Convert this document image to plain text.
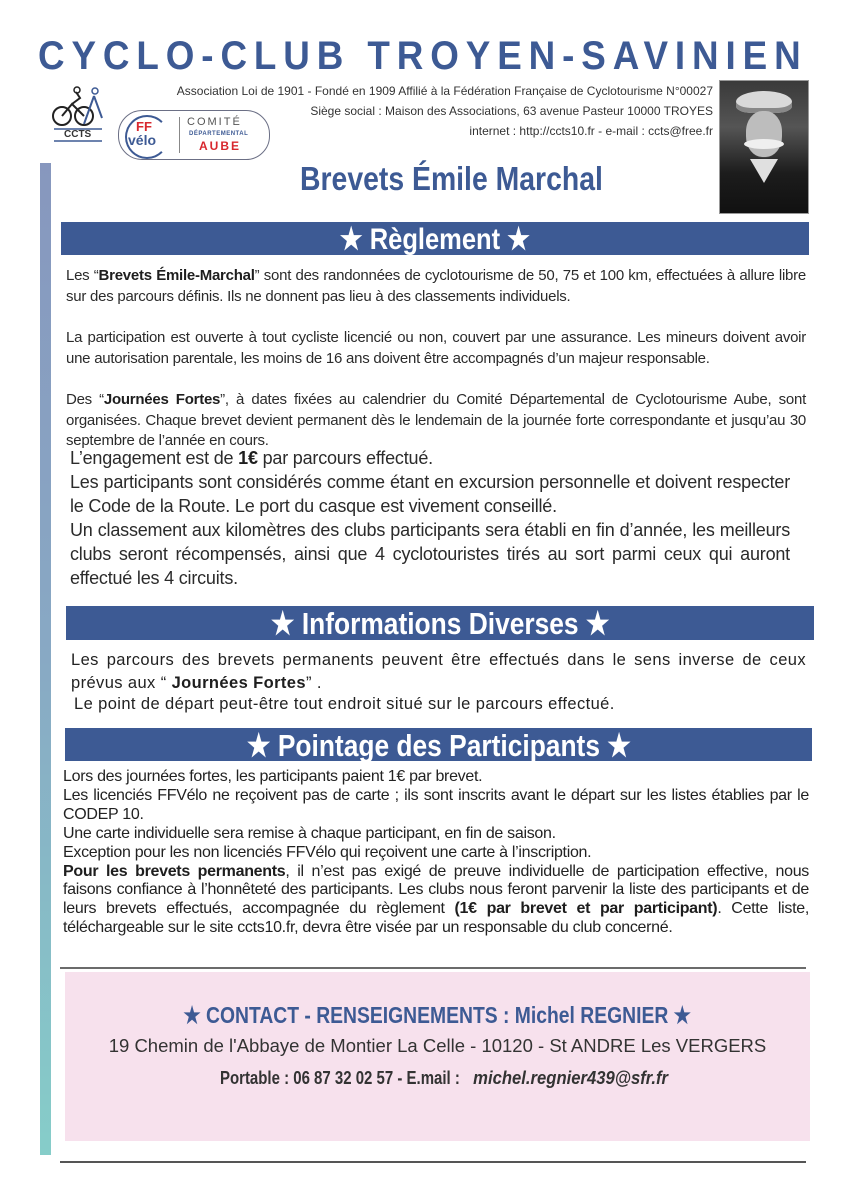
CYCLO-CLUB TROYEN-SAVINIEN
Association Loi de 1901 - Fondé en 1909 Affilié à la Fédération Française de Cyclotourisme N°00027
Siège social : Maison des Associations, 63 avenue Pasteur 10000 TROYES
internet : http://ccts10.fr - e-mail : ccts@free.fr
CCTS
FF
vélo
COMITÉ
DÉPARTEMENTAL
AUBE
Brevets Émile Marchal
★ Règlement ★
Les “Brevets Émile-Marchal” sont des randonnées de cyclotourisme de 50, 75 et 100 km, effectuées à allure libre sur des parcours définis. Ils ne donnent pas lieu à des classements individuels.
La participation est ouverte à tout cycliste licencié ou non, couvert par une assurance. Les mineurs doivent avoir une autorisation parentale, les moins de 16 ans doivent être accompagnés d’un majeur responsable.
Des “Journées Fortes”, à dates fixées au calendrier du Comité Départemental de Cyclotourisme Aube, sont organisées. Chaque brevet devient permanent dès le lendemain de la journée forte correspondante et jusqu’au 30 septembre de l’année en cours.
L’engagement est de 1€ par parcours effectué.
Les participants sont considérés comme étant en excursion personnelle et doivent respecter le Code de la Route. Le port du casque est vivement conseillé.
Un classement aux kilomètres des clubs participants sera établi en fin d’année, les meilleurs clubs seront récompensés, ainsi que 4 cyclotouristes tirés au sort parmi ceux qui auront effectué les 4 circuits.
★ Informations Diverses ★
Les parcours des brevets permanents peuvent être effectués dans le sens inverse de ceux prévus aux “ Journées Fortes” .
Le point de départ peut-être tout endroit situé sur le parcours effectué.
★ Pointage des Participants ★
Lors des journées fortes, les participants paient 1€ par brevet.
Les licenciés FFVélo ne reçoivent pas de carte ; ils sont inscrits avant le départ sur les listes établies par le CODEP 10.
Une carte individuelle sera remise à chaque participant, en fin de saison.
Exception pour les non licenciés FFVélo qui reçoivent une carte à l’inscription.
Pour les brevets permanents, il n’est pas exigé de preuve individuelle de participation effective, nous faisons confiance à l’honnêteté des participants. Les clubs nous feront parvenir la liste des participants et de leurs brevets effectués, accompagnée du règlement (1€ par brevet et par participant). Cette liste, téléchargeable sur le site ccts10.fr, devra être visée par un responsable du club concerné.
★ CONTACT - RENSEIGNEMENTS : Michel REGNIER ★
19 Chemin de l'Abbaye de Montier La Celle - 10120 - St ANDRE Les VERGERS
Portable : 06 87 32 02 57 - E.mail :michel.regnier439@sfr.fr
